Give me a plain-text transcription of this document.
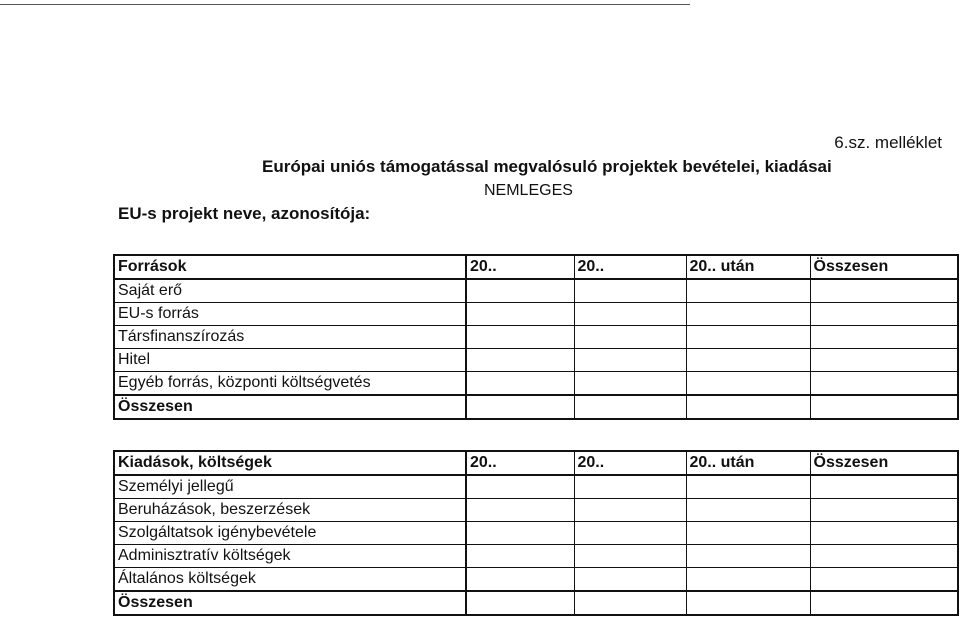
6.sz. melléklet
Európai uniós támogatással megvalósuló projektek bevételei, kiadásai
NEMLEGES
EU-s projekt neve, azonosítója:
Források	20..	20..	20.. után	Összesen
Saját erő				
EU-s forrás				
Társfinanszírozás				
Hitel				
Egyéb forrás, központi költségvetés				
Összesen				
Kiadások, költségek	20..	20..	20.. után	Összesen
Személyi jellegű				
Beruházások, beszerzések				
Szolgáltatsok igénybevétele				
Adminisztratív költségek				
Általános költségek				
Összesen				
